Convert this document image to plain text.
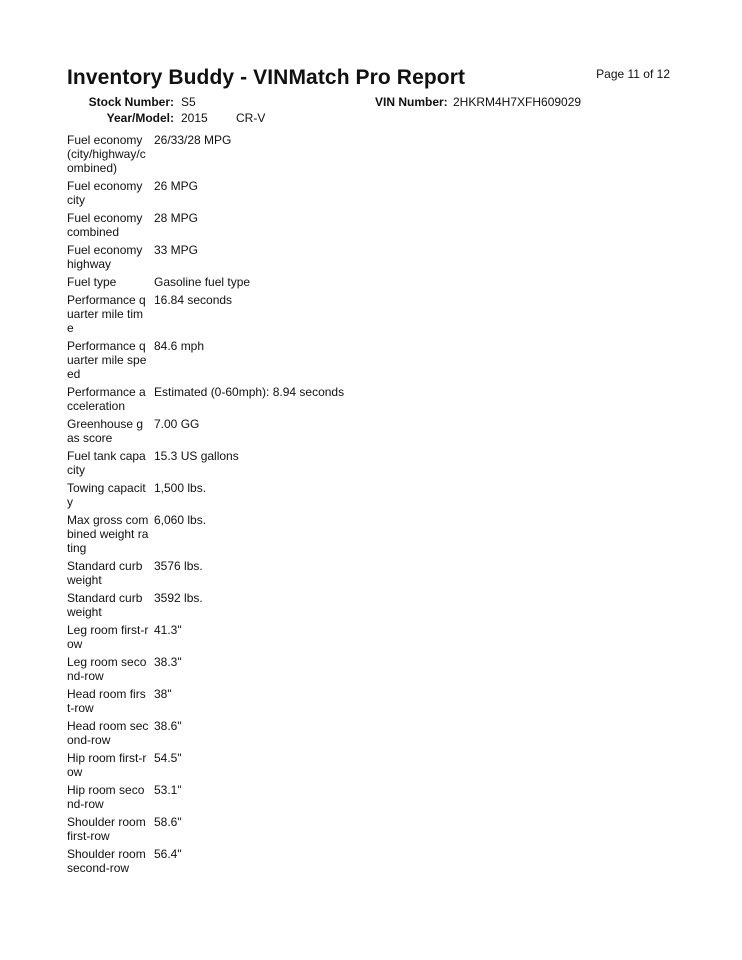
Inventory Buddy - VINMatch Pro Report	Page 11 of 12
Stock Number: S5
Year/Model: 2015 CR-V
VIN Number: 2HKRM4H7XFH609029
Fuel economy (city/highway/combined)
26/33/28 MPG
Fuel economy city
26 MPG
Fuel economy combined
28 MPG
Fuel economy highway
33 MPG
Fuel type	Gasoline fuel type
Performance quarter mile time
16.84 seconds
Performance quarter mile speed
84.6 mph
Performance acceleration
Estimated (0-60mph): 8.94 seconds
Greenhouse gas score
7.00 GG
Fuel tank capacity
15.3 US gallons
Towing capacity
1,500 lbs.
Max gross combined weight rating
6,060 lbs.
Standard curb weight
3576 lbs.
Standard curb weight
3592 lbs.
Leg room first-row
41.3"
Leg room second-row
38.3"
Head room first-row
38"
Head room second-row
38.6"
Hip room first-row
54.5"
Hip room second-row
53.1"
Shoulder room first-row
58.6"
Shoulder room second-row
56.4"
